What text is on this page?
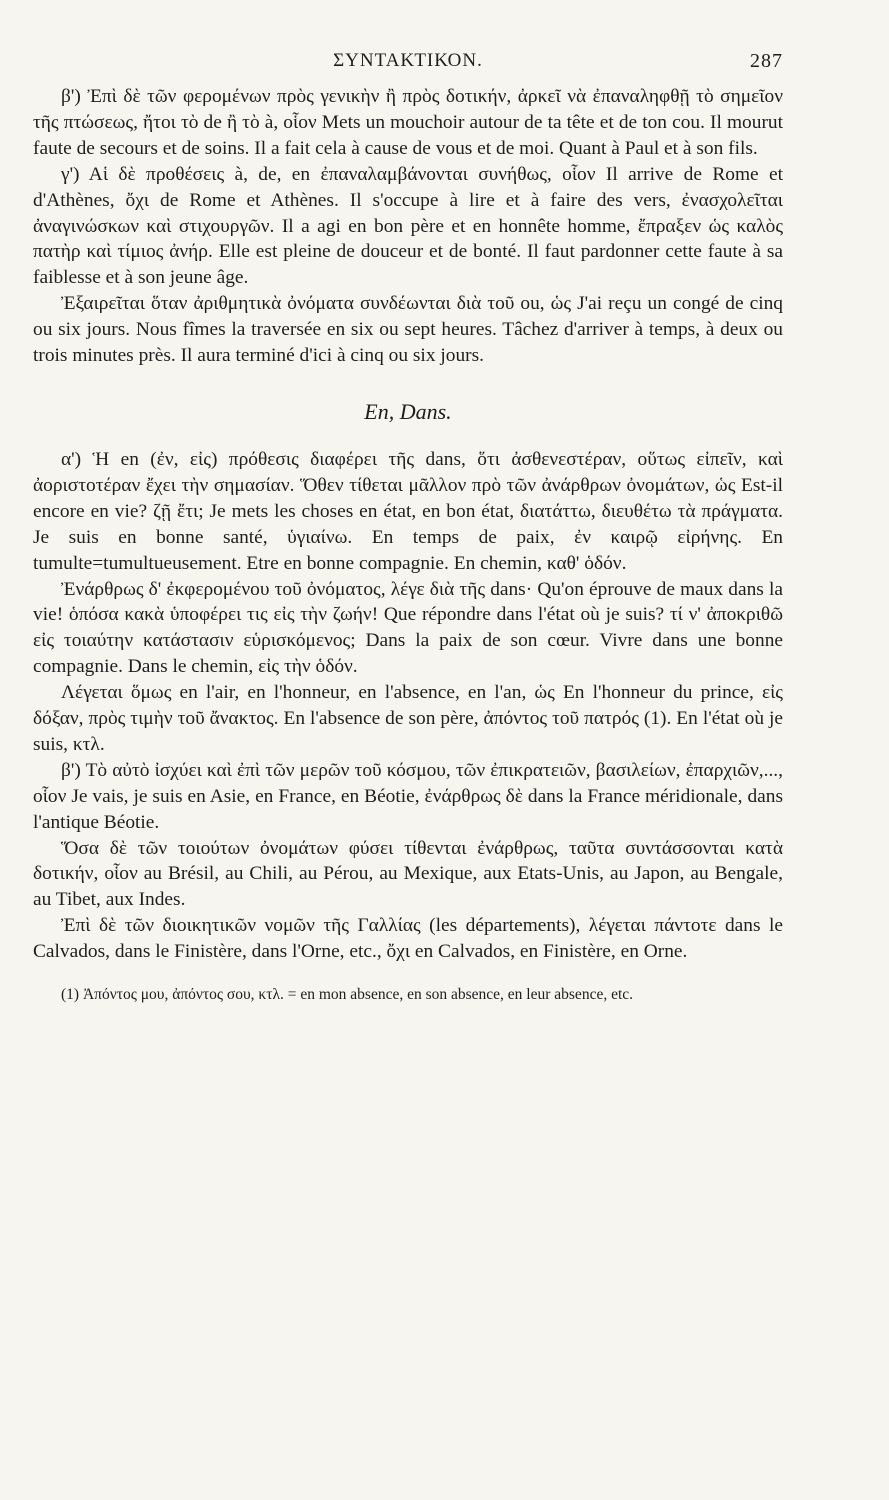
ΣΥΝΤΑΚΤΙΚΟΝ.	287

β') Ἐπὶ δὲ τῶν φερομένων πρὸς γενικὴν ἢ πρὸς δοτικήν, ἀρκεῖ νὰ ἐπαναληφθῇ τὸ σημεῖον τῆς πτώσεως, ἤτοι τὸ de ἢ τὸ à, οἷον Mets un mouchoir autour de ta tête et de ton cou. Il mourut faute de secours et de soins. Il a fait cela à cause de vous et de moi. Quant à Paul et à son fils.

γ') Αἱ δὲ προθέσεις à, de, en ἐπαναλαμβάνονται συνήθως, οἷον Il arrive de Rome et d'Athènes, ὄχι de Rome et Athènes. Il s'occupe à lire et à faire des vers, ἐνασχολεῖται ἀναγινώσκων καὶ στιχουργῶν. Il a agi en bon père et en honnête homme, ἔπραξεν ὡς καλὸς πατὴρ καὶ τίμιος ἀνήρ. Elle est pleine de douceur et de bonté. Il faut pardonner cette faute à sa faiblesse et à son jeune âge.

Ἐξαιρεῖται ὅταν ἀριθμητικὰ ὀνόματα συνδέωνται διὰ τοῦ ou, ὡς J'ai reçu un congé de cinq ou six jours. Nous fîmes la traversée en six ou sept heures. Tâchez d'arriver à temps, à deux ou trois minutes près. Il aura terminé d'ici à cinq ou six jours.

En, Dans.

α') Ἡ en (ἐν, εἰς) πρόθεσις διαφέρει τῆς dans, ὅτι ἀσθενεστέραν, οὕτως εἰπεῖν, καὶ ἀοριστοτέραν ἔχει τὴν σημασίαν. Ὅθεν τίθεται μᾶλλον πρὸ τῶν ἀνάρθρων ὀνομάτων, ὡς Est-il encore en vie? ζῇ ἔτι; Je mets les choses en état, en bon état, διατάττω, διευθέτω τὰ πράγματα. Je suis en bonne santé, ὑγιαίνω. En temps de paix, ἐν καιρῷ εἰρήνης. En tumulte=tumultueusement. Etre en bonne compagnie. En chemin, καθ' ὁδόν.

Ἐνάρθρως δ' ἐκφερομένου τοῦ ὀνόματος, λέγε διὰ τῆς dans· Qu'on éprouve de maux dans la vie! ὁπόσα κακὰ ὑποφέρει τις εἰς τὴν ζωήν! Que répondre dans l'état où je suis? τί ν' ἀποκριθῶ εἰς τοιαύτην κατάστασιν εὑρισκόμενος; Dans la paix de son cœur. Vivre dans une bonne compagnie. Dans le chemin, εἰς τὴν ὁδόν.

Λέγεται ὅμως en l'air, en l'honneur, en l'absence, en l'an, ὡς En l'honneur du prince, εἰς δόξαν, πρὸς τιμὴν τοῦ ἄνακτος. En l'absence de son père, ἀπόντος τοῦ πατρός (1). En l'état où je suis, κτλ.

β') Τὸ αὐτὸ ἰσχύει καὶ ἐπὶ τῶν μερῶν τοῦ κόσμου, τῶν ἐπικρατειῶν, βασιλείων, ἐπαρχιῶν,..., οἷον Je vais, je suis en Asie, en France, en Béotie, ἐνάρθρως δὲ dans la France méridionale, dans l'antique Béotie.

Ὅσα δὲ τῶν τοιούτων ὀνομάτων φύσει τίθενται ἐνάρθρως, ταῦτα συντάσσονται κατὰ δοτικήν, οἷον au Brésil, au Chili, au Pérou, au Mexique, aux Etats-Unis, au Japon, au Bengale, au Tibet, aux Indes.

Ἐπὶ δὲ τῶν διοικητικῶν νομῶν τῆς Γαλλίας (les départements), λέγεται πάντοτε dans le Calvados, dans le Finistère, dans l'Orne, etc., ὄχι en Calvados, en Finistère, en Orne.

(1) Ἀπόντος μου, ἀπόντος σου, κτλ. = en mon absence, en son absence, en leur absence, etc.
